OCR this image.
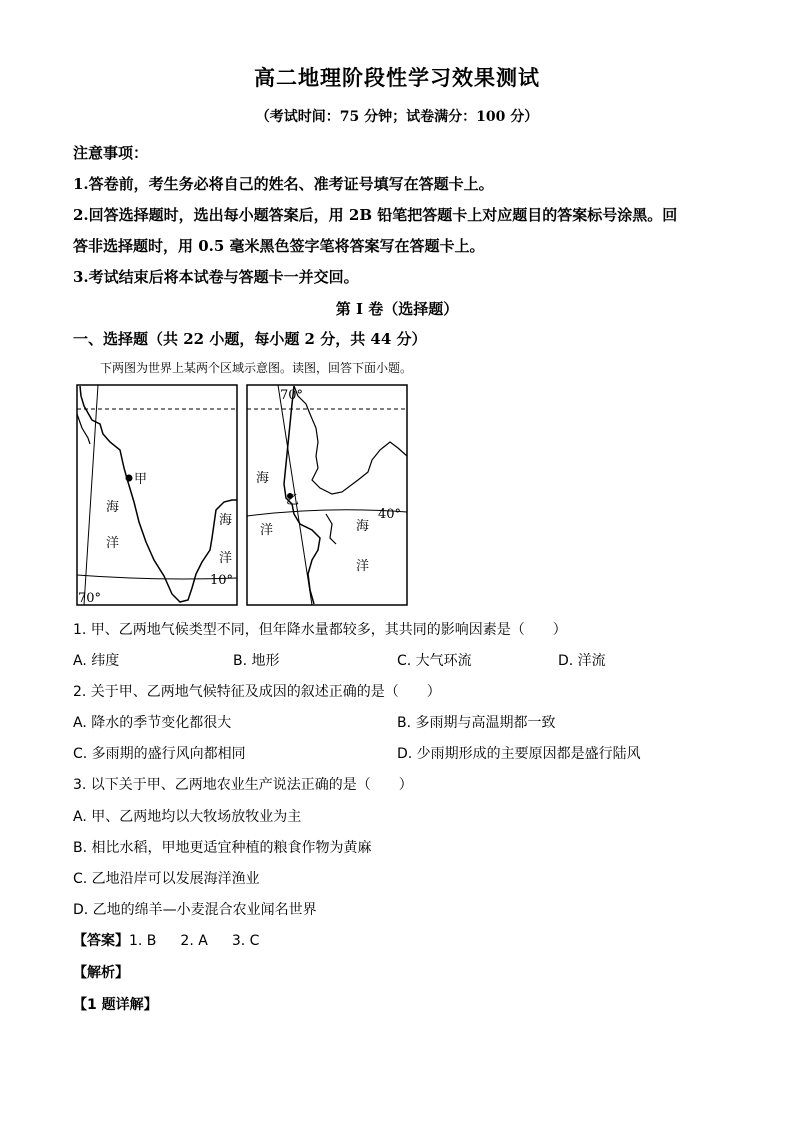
高二地理阶段性学习效果测试
（考试时间：75 分钟；试卷满分：100 分）
注意事项：
1.答卷前，考生务必将自己的姓名、准考证号填写在答题卡上。
2.回答选择题时，选出每小题答案后，用 2B 铅笔把答题卡上对应题目的答案标号涂黑。回
答非选择题时，用 0.5 毫米黑色签字笔将答案写在答题卡上。
3.考试结束后将本试卷与答题卡一并交回。
第 I 卷（选择题）
一、选择题（共 22 小题，每小题 2 分，共 44 分）
下两图为世界上某两个区域示意图。读图，回答下面小题。
甲
海
洋
海
洋
10°
70°
乙
海
洋	海
洋
40°
70°
1. 甲、乙两地气候类型不同，但年降水量都较多，其共同的影响因素是（　　）
A. 纬度	B. 地形	C. 大气环流	D. 洋流
2. 关于甲、乙两地气候特征及成因的叙述正确的是（　　）
A. 降水的季节变化都很大	B. 多雨期与高温期都一致
C. 多雨期的盛行风向都相同	D. 少雨期形成的主要原因都是盛行陆风
3. 以下关于甲、乙两地农业生产说法正确的是（　　）
A. 甲、乙两地均以大牧场放牧业为主
B. 相比水稻，甲地更适宜种植的粮食作物为黄麻
C. 乙地沿岸可以发展海洋渔业
D. 乙地的绵羊—小麦混合农业闻名世界
【答案】1. B 2. A 3. C
【解析】
【1 题详解】
